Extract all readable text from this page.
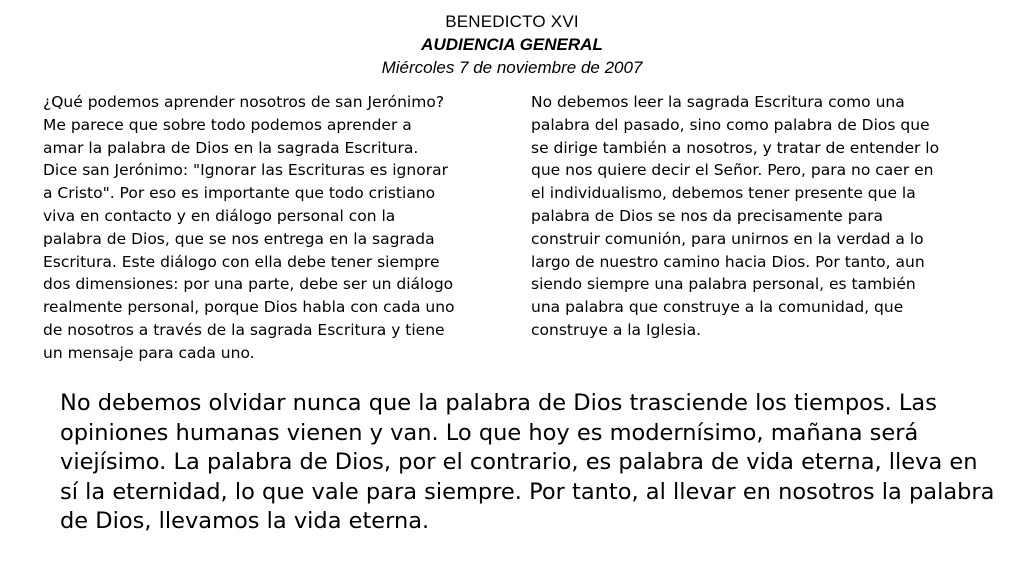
BENEDICTO XVI
AUDIENCIA GENERAL
Miércoles 7 de noviembre de 2007
¿Qué podemos aprender nosotros de san Jerónimo?
Me parece que sobre todo podemos aprender a
amar la palabra de Dios en la sagrada Escritura.
Dice san Jerónimo: "Ignorar las Escrituras es ignorar
a Cristo". Por eso es importante que todo cristiano
viva en contacto y en diálogo personal con la
palabra de Dios, que se nos entrega en la sagrada
Escritura. Este diálogo con ella debe tener siempre
dos dimensiones: por una parte, debe ser un diálogo
realmente personal, porque Dios habla con cada uno
de nosotros a través de la sagrada Escritura y tiene
un mensaje para cada uno.
No debemos leer la sagrada Escritura como una
palabra del pasado, sino como palabra de Dios que
se dirige también a nosotros, y tratar de entender lo
que nos quiere decir el Señor. Pero, para no caer en
el individualismo, debemos tener presente que la
palabra de Dios se nos da precisamente para
construir comunión, para unirnos en la verdad a lo
largo de nuestro camino hacia Dios. Por tanto, aun
siendo siempre una palabra personal, es también
una palabra que construye a la comunidad, que
construye a la Iglesia.
No debemos olvidar nunca que la palabra de Dios trasciende los tiempos. Las
opiniones humanas vienen y van. Lo que hoy es modernísimo, mañana será
viejísimo. La palabra de Dios, por el contrario, es palabra de vida eterna, lleva en
sí la eternidad, lo que vale para siempre. Por tanto, al llevar en nosotros la palabra
de Dios, llevamos la vida eterna.
